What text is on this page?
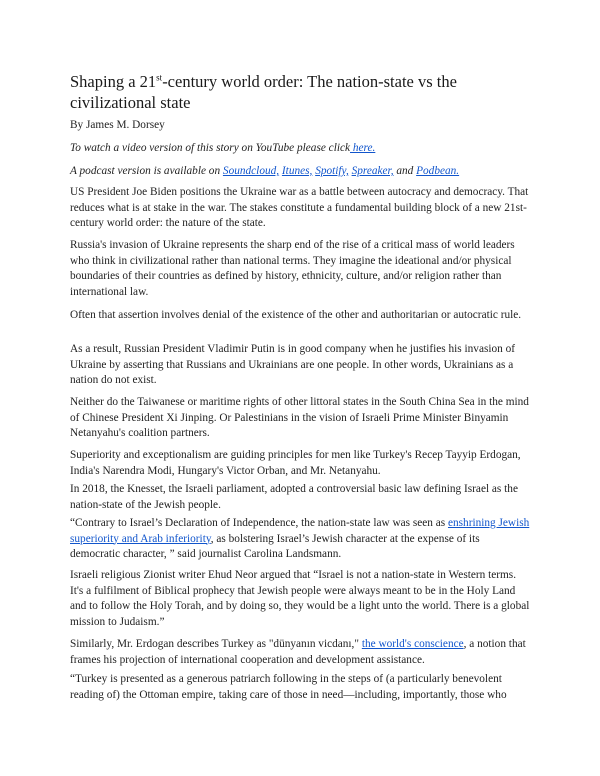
Shaping a 21st-century world order: The nation-state vs the civilizational state

By James M. Dorsey

To watch a video version of this story on YouTube please click here.

A podcast version is available on Soundcloud, Itunes, Spotify, Spreaker, and Podbean.

US President Joe Biden positions the Ukraine war as a battle between autocracy and democracy. That reduces what is at stake in the war. The stakes constitute a fundamental building block of a new 21st-century world order: the nature of the state.

Russia's invasion of Ukraine represents the sharp end of the rise of a critical mass of world leaders who think in civilizational rather than national terms. They imagine the ideational and/or physical boundaries of their countries as defined by history, ethnicity, culture, and/or religion rather than international law.

Often that assertion involves denial of the existence of the other and authoritarian or autocratic rule.

As a result, Russian President Vladimir Putin is in good company when he justifies his invasion of Ukraine by asserting that Russians and Ukrainians are one people. In other words, Ukrainians as a nation do not exist.

Neither do the Taiwanese or maritime rights of other littoral states in the South China Sea in the mind of Chinese President Xi Jinping. Or Palestinians in the vision of Israeli Prime Minister Binyamin Netanyahu's coalition partners.

Superiority and exceptionalism are guiding principles for men like Turkey's Recep Tayyip Erdogan, India's Narendra Modi, Hungary's Victor Orban, and Mr. Netanyahu.

In 2018, the Knesset, the Israeli parliament, adopted a controversial basic law defining Israel as the nation-state of the Jewish people.

“Contrary to Israel’s Declaration of Independence, the nation-state law was seen as enshrining Jewish superiority and Arab inferiority, as bolstering Israel’s Jewish character at the expense of its democratic character, ” said journalist Carolina Landsmann.

Israeli religious Zionist writer Ehud Neor argued that “Israel is not a nation-state in Western terms. It's a fulfilment of Biblical prophecy that Jewish people were always meant to be in the Holy Land and to follow the Holy Torah, and by doing so, they would be a light unto the world. There is a global mission to Judaism.”

Similarly, Mr. Erdogan describes Turkey as "dünyanın vicdanı," the world's conscience, a notion that frames his projection of international cooperation and development assistance.

“Turkey is presented as a generous patriarch following in the steps of (a particularly benevolent reading of) the Ottoman empire, taking care of those in need—including, importantly, those who
